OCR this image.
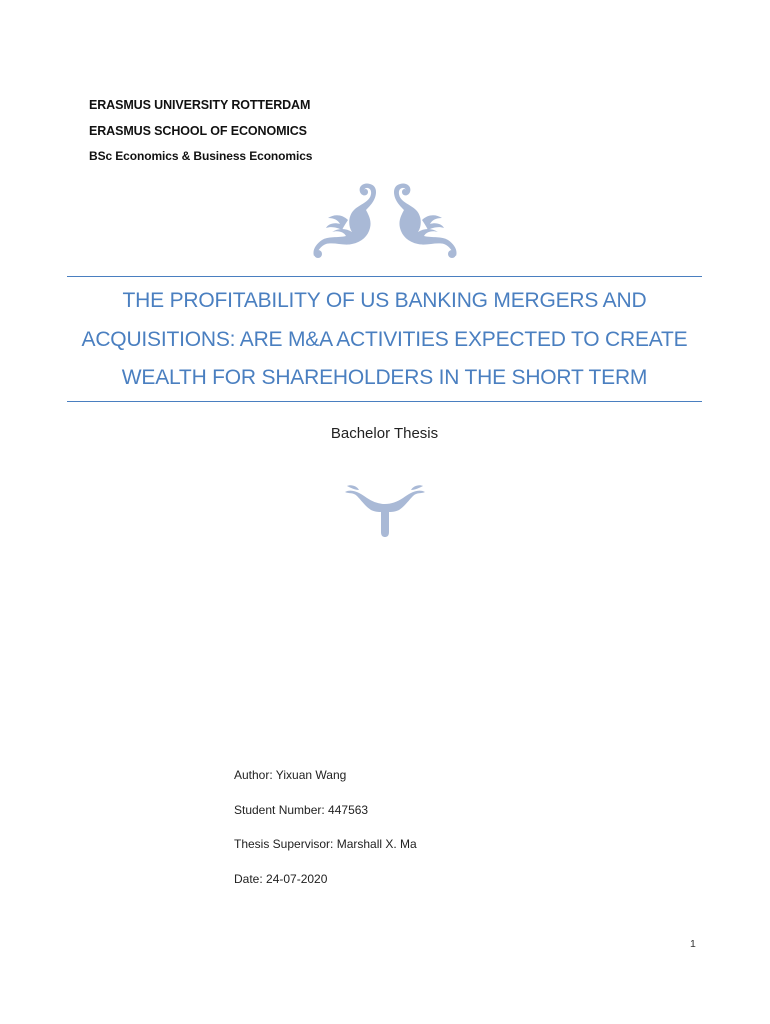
ERASMUS UNIVERSITY ROTTERDAM
ERASMUS SCHOOL OF ECONOMICS
BSc Economics & Business Economics
THE PROFITABILITY OF US BANKING MERGERS AND
ACQUISITIONS: ARE M&A ACTIVITIES EXPECTED TO CREATE
WEALTH FOR SHAREHOLDERS IN THE SHORT TERM
Bachelor Thesis
Author: Yixuan Wang
Student Number: 447563
Thesis Supervisor: Marshall X. Ma
Date: 24-07-2020
1
